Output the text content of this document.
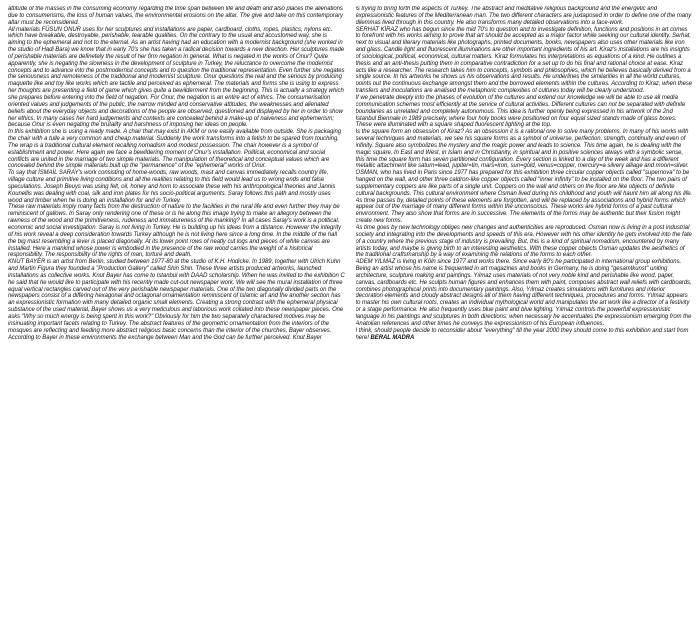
attitude of the masses in the consuming economy regarding the time span between life and death and also places the alienations due to consumerisms, the loss of human values, the environmental erosions on the altar. The give and take on this contemporary altar must be reconsidered.

All materials FÜSUN ONUR uses for her sculptures and installations are paper, cardboard, cloths, ropes, plastics, nylons etc. which have breakable, destroyable, perishable, tearable qualities. On the contrary to the usual and accustomed way, she is aiming to the ephemeral and not to the eternal. As an artist having had an education with a modernist background (she worked in the studio of Hadi Bara) we know that in early 70's she has taken a radical decision towards a new direction. Her sculptures made of perishable materials are definetely the result of her firm negation in general. What is negated in the works of Onur? Quite apparently, she is negating the slowness in the development of sculpture in Turkey, the reluctance to overcome the modernist concepts and to advance into the postmodernist concepts and to question the traditional representation. Even further she negates the seriousness and remoteness of the traditional and modernist sculpture. Onur questions the real and the serious by producing maquette like and toy like works which are tactile and perceived as ephemeral. The materials and forms she is using to express her thoughts are presenting a field of game which gives quite a bewilderment from the beginning. This is actually a strategy which she prepares before entering into the field of negation. For Onur, the negation is an entire act of ethics. The consumerisation oriented values and judgements of the public, the narrow minded and conservative attitudes, the weaknesses and alienated beliefs about the everyday objects and decorations of the people are observed, questioned and displayed by her in order to show her ethics. In many cases her hard judgements and contexts are concealed behind a make-up of naiveness and ephemerism; because Onur is even negating the brutality and harshness of imposing her ideas on people.

In this exhibition she is using a ready made. A chair that may exist in AKM or one easily available from outside. She is packaging the chair with a tulle a very common and cheap material. Suddenly the work transforms into a fetish to be spared from touching. The wrap is a traditional cultural element recalling nomadism and modest possession. The chair however is a symbol of establishment and power. Here again we face a bewildering moment of Onur's installation. Political, economical and social conflicts are united in the marriage of two simple materials. The manipulation of theoretical and conceptual values which are concealed behind the simple materials built up the "permanence" of the "ephemeral" works of Onur.

To say that İSMAİL SARAY's work consisting of home-woods, raw woods, mast and canvas immediately recalls country life, village culture and primitive living conditions and all the realities relating to this field would lead us to wrong ends and false speculations. Joseph Beuys was using felt, oil, honey and horn to associate these with his anthropological theories and Jannis Kounellis was dealing with coal, silk and iron plates for his socio-political arguments. Saray follows this path and mostly uses wood and timber when he is doing an installation for and in Turkey.

These raw materials imply many facts from the destruction of nature to the facilities in the rural life and even further they may be reminiscent of gallows. In Saray only rendering one of these or is he along this image trying to make an allegory between the rawness of the wood and the primitiveness, rudeness and immatureness of the manking? In all cases Saray's work is a political, economic and social investigation. Saray is not living in Turkey. He is building up his ideas from a distance. However the integrity of his work reveal a deep consideration towards Turkey although he is not living here since a long time. In the middle of the hall the big mast resembling a lever is placed diagonally. At its lower point rows of neatly cut logs and pieces of white canvas are installed. Here a mankind whose power is embodied in the presence of the raw wood carries the weight of a historical responsibility. The responsibility of the rights of man, torture and death.

KNUT BAYER is an artist from Berlin, studied between 1977-80 at the studio of K.H. Hodicke. In 1989, together with Ulrich Kuhn and Martin Figura they founded a "Production Gallery" called Shin Shin. These three artists produced artworks, launched installations as collective works. Knut Bayer has come to Istanbul with DAAD scholarship. When he was invited to the exhibition C he said that he would like to participate with his recently made cut-out newspaper work. We will see the mural installation of three equal vertical rectangles carved out of the very perishable newspaper materials. One of the two diagonally divided parts on the newspapers consist of a differing hexagonal and octagonal ornamentation reminiscent of Islamic art and the another section has an expressionistic formation with many detailed organic small elements. Creating a strong contrast with the ephemeral physical substance of the used material, Bayer shows us a very meticulous and laborious work collated into these newspaper pieces. One asks "Why so much energy is being spent in this work?" Obviously for him the two separately charactered motives may be insinuating important facets relating to Turkey. The abstract features of the geometric ornamentation from the interiors of the mosques are reflecting and feeding more abstract religious basic concerns than the interior of the churches, Bayer observes. According to Bayer in these environments the exchange between Man and the God can be further perceived. Knut Bayer

is trying to bring forth the aspects of Turkey. The abstract and meditative religious background and the energetic and expressionistic features of the Mediterranean man. The two different characters are juxtaposed in order to define one of the many dilemmas lived through in this country. He also transforms many detailed observations into a face-work.

SERHAT KİRAZ who has begun since the mid 70's to question and to investigate definition, functions and positions in art comes to forefront with his works aiming to prove that art should be accepted as a major factor while seeking our cultural identity. Serhat, next to visual and literary materials like photographs, printed documents, books, newspapers also uses other materials like iron and glass. Candle light and fluorescent illuminations are other important ingredients of his art. Kiraz's installations are his insights of sociological, political, economical, cultural matters. Kiraz formulates his interpretations as equations of a kind. He outlines a thesis and an anti-thesis putting them in comparative contradiction for a set up to do his final and rational choice at ease. Kiraz acts like a researcher. The research takes him to concepts, symbols and philosophies, which he believes basically derived from a single source. In his artworks he shows us his observations and results. He underlines the similarities in all the world cultures, points out the continuous exchange amongst them and the borrowed elements within the cultures. According to Kiraz, when these transfers and inoculations are analised the metaphoric complexities of cultures today will be clearly understood.

If we penetrate deeply into the phases of evolution of the cultures and extend our knowledge we will be able to use all media communication schemes most efficiently at the service of cultural activities. Different cultures can not be separated with definite boundaries as unrelated and completely autonomous. This idea is further openly being expressed in his artwork of the 2nd Istanbul Biennale in 1989 precisely, where four holy books were positioned on four equal sized stands made of glass boxes. These were illuminated with a square shaped fluorescent lighting at the top.

Is the square form an obsession of Kiraz? As an obsession it is a rational one to solve many problems. In many of his works with several techniques and materials, we see his square forms as a symbol of universe, perfection, strength, continuity and even of infinity. Square also symbolizes the mystery and the magic power and leads to science. This time again, he is dealing with the magic square. In East and West, in Islam and in Christianity, in spiritual and in positive sciences always with a symbolic sense, this time the square form has seven partitioned configuration. Every section is linked to a day of the week and has a different metallic attachment like saturn=lead, jupiter=tin, mars=iron, sun=gold, venus=copper, mercury=a silvery alliage and moon=silver.

OSMAN, who has lived in Paris since 1977 has prepared for this exhibition three circular copper objects called "supernova" to be hanged on the wall, and other three caldron-like copper objects called "inner infinity" to be installed on the floor. The two pairs of supplementary coppers are like parts of a single unit. Coppers on the wall and others on the floor are like objects of definite cultural backgrounds. This cultural environment where Osman lived during his childhood and youth will haunt him all along his life.

As time passes by, detailed points of these elements are forgotten, and will be replaced by associations and hybrid forms which appear out of the marriage of many different forms within the unconscious. These works are hybrid forms of a past cultural environment. They also show that forms are in successive. The elements of the forms may be authentic but their fusion might create new forms.

As time goes by new technology obliges new changes and authenticities are reproduced. Osman now is living in a post industrial society and integrating into the developments and speeds of this era. However with his other identity he gets involved into the fate of a country where the previous stage of industry is prevailing. But, this is a kind of spiritual nomadism, encountered by many artists today, and maybe is giving birth to an interesting aesthetics. With these copper objects Osman updates the aesthetics of the traditional craftsmanship by a way of examining the relations of the forms to each other.

ADEM YILMAZ is living in Köln since 1977 and works there. Since early 80's he participated in international group exhibitions. Being an artist whose his name is frequented in art magazines and books in Germany, he is doing "gesamtkunst" uniting architecture, sculpture making and paintings. Yılmaz uses materials of not very noble kind and perishable like wood, paper, canvas, cardboards etc. He sculpts human figures and enhances them with paint, composes abstract wall reliefs with cardboards, combines photographical prints into documentary paintings. Also, Yılmaz creates simulations with furnitures and interior decoration elements and cloudy abstract designs all of them having different techniques, procedures and forms. Yılmaz appears to master his own cultural roots, creates an individual mythological world and manipulates the art work like a director of a festivity or a stage performance. He also frequently uses blue paint and blue lighting. Yılmaz controls the powerfull expressionistic language in his paintings and sculptures in both directions: when necessary he accentuates the expressionism emerging from the Anatolian references and other times he conveys the expressionism of his European influences.

I think, should people decide to reconsider about "everything" till the year 2000 they should come to this exhibition and start from here! BERAL MADRA
